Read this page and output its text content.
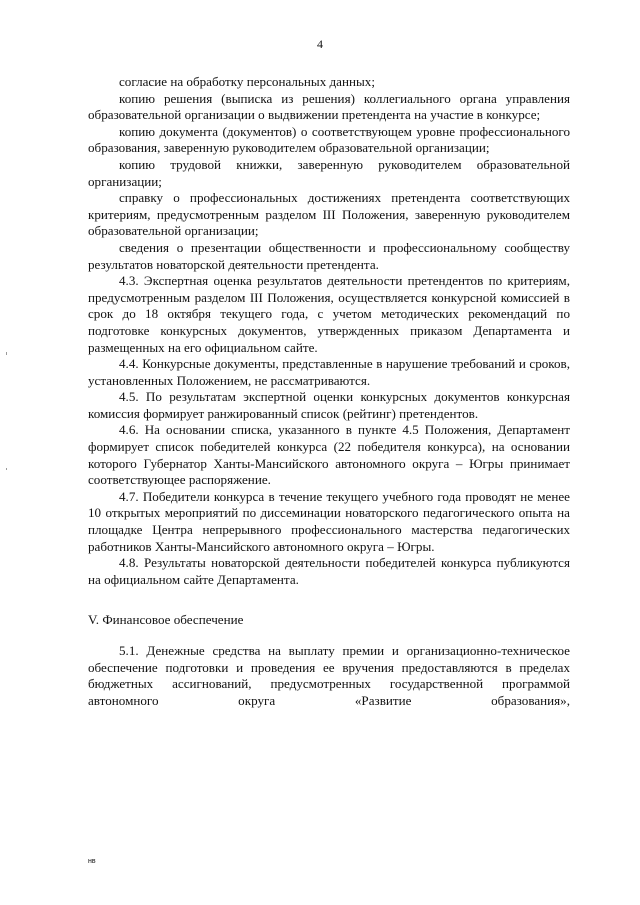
4

согласие на обработку персональных данных;

копию решения (выписка из решения) коллегиального органа управления образовательной организации о выдвижении претендента на участие в конкурсе;

копию документа (документов) о соответствующем уровне профессионального образования, заверенную руководителем образовательной организации;

копию трудовой книжки, заверенную руководителем образовательной организации;

справку о профессиональных достижениях претендента соответствующих критериям, предусмотренным разделом III Положения, заверенную руководителем образовательной организации;

сведения о презентации общественности и профессиональному сообществу результатов новаторской деятельности претендента.

4.3. Экспертная оценка результатов деятельности претендентов по критериям, предусмотренным разделом III Положения, осуществляется конкурсной комиссией в срок до 18 октября текущего года, с учетом методических рекомендаций по подготовке конкурсных документов, утвержденных приказом Департамента и размещенных на его официальном сайте.

4.4. Конкурсные документы, представленные в нарушение требований и сроков, установленных Положением, не рассматриваются.

4.5. По результатам экспертной оценки конкурсных документов конкурсная комиссия формирует ранжированный список (рейтинг) претендентов.

4.6. На основании списка, указанного в пункте 4.5 Положения, Департамент формирует список победителей конкурса (22 победителя конкурса), на основании которого Губернатор Ханты-Мансийского автономного округа – Югры принимает соответствующее распоряжение.

4.7. Победители конкурса в течение текущего учебного года проводят не менее 10 открытых мероприятий по диссеминации новаторского педагогического опыта на площадке Центра непрерывного профессионального мастерства педагогических работников Ханты-Мансийского автономного округа – Югры.

4.8. Результаты новаторской деятельности победителей конкурса публикуются на официальном сайте Департамента.

V. Финансовое обеспечение

5.1. Денежные средства на выплату премии и организационно-техническое обеспечение подготовки и проведения ее вручения предоставляются в пределах бюджетных ассигнований, предусмотренных государственной программой автономного округа «Развитие образования»,

нв
